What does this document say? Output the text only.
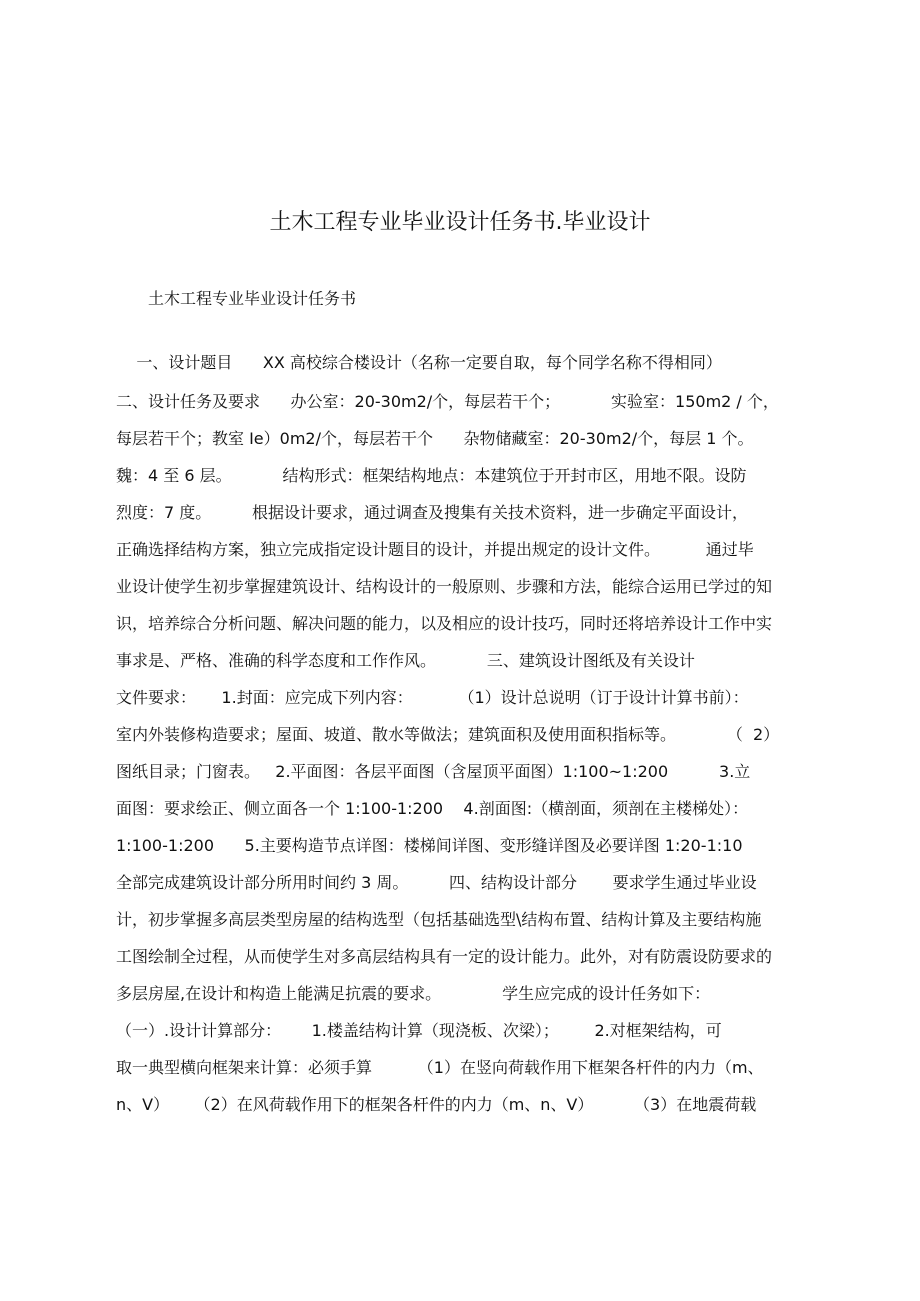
土木工程专业毕业设计任务书.毕业设计
土木工程专业毕业设计任务书
一、设计题目      XX 高校综合楼设计（名称一定要自取，每个同学名称不得相同）
二、设计任务及要求      办公室：20-30m2/个，每层若干个；          实验室：150m2 / 个，
每层若干个；教室 Ie）0m2/个，每层若干个      杂物储藏室：20-30m2/个，每层 1 个。
魏：4 至 6 层。          结构形式：框架结构地点：本建筑位于开封市区，用地不限。设防
烈度：7 度。        根据设计要求，通过调查及搜集有关技术资料，进一步确定平面设计，
正确选择结构方案，独立完成指定设计题目的设计，并提出规定的设计文件。         通过毕
业设计使学生初步掌握建筑设计、结构设计的一般原则、步骤和方法，能综合运用已学过的知
识，培养综合分析问题、解决问题的能力，以及相应的设计技巧，同时还将培养设计工作中实
事求是、严格、准确的科学态度和工作作风。          三、建筑设计图纸及有关设计
文件要求：     1.封面：应完成下列内容：         （1）设计总说明（订于设计计算书前）：
室内外装修构造要求；屋面、坡道、散水等做法；建筑面积及使用面积指标等。          （  2）
图纸目录；门窗表。   2.平面图：各层平面图（含屋顶平面图）1:100~1:200          3.立
面图：要求绘正、侧立面各一个 1:100-1:200    4.剖面图:（横剖面，须剖在主楼梯处）：
1:100-1:200      5.主要构造节点详图：楼梯间详图、变形缝详图及必要详图 1:20-1:10
全部完成建筑设计部分所用时间约 3 周。        四、结构设计部分       要求学生通过毕业设
计，初步掌握多高层类型房屋的结构选型（包括基础选型\结构布置、结构计算及主要结构施
工图绘制全过程，从而使学生对多高层结构具有一定的设计能力。此外，对有防震设防要求的
多层房屋,在设计和构造上能满足抗震的要求。            学生应完成的设计任务如下：
（一）.设计计算部分：      1.楼盖结构计算（现浇板、次梁）；       2.对框架结构，可
取一典型横向框架来计算：必须手算         （1）在竖向荷载作用下框架各杆件的内力（m、
n、V）     （2）在风荷载作用下的框架各杆件的内力（m、n、V）        （3）在地震荷载
